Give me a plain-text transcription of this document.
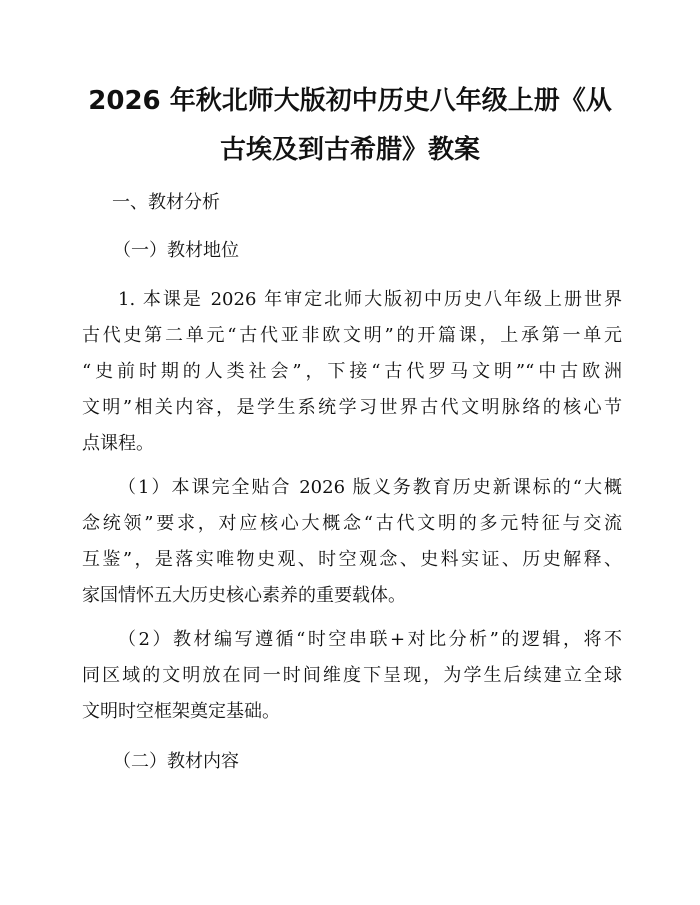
2026 年秋北师大版初中历史八年级上册《从
古埃及到古希腊》教案

一、教材分析

（一）教材地位

1. 本课是 2026 年审定北师大版初中历史八年级上册世界
古代史第二单元“古代亚非欧文明”的开篇课，上承第一单元
“史前时期的人类社会”，下接“古代罗马文明”“中古欧洲
文明”相关内容，是学生系统学习世界古代文明脉络的核心节
点课程。
（1）本课完全贴合 2026 版义务教育历史新课标的“大概
念统领”要求，对应核心大概念“古代文明的多元特征与交流
互鉴”，是落实唯物史观、时空观念、史料实证、历史解释、
家国情怀五大历史核心素养的重要载体。
（2）教材编写遵循“时空串联+对比分析”的逻辑，将不
同区域的文明放在同一时间维度下呈现，为学生后续建立全球
文明时空框架奠定基础。

（二）教材内容
